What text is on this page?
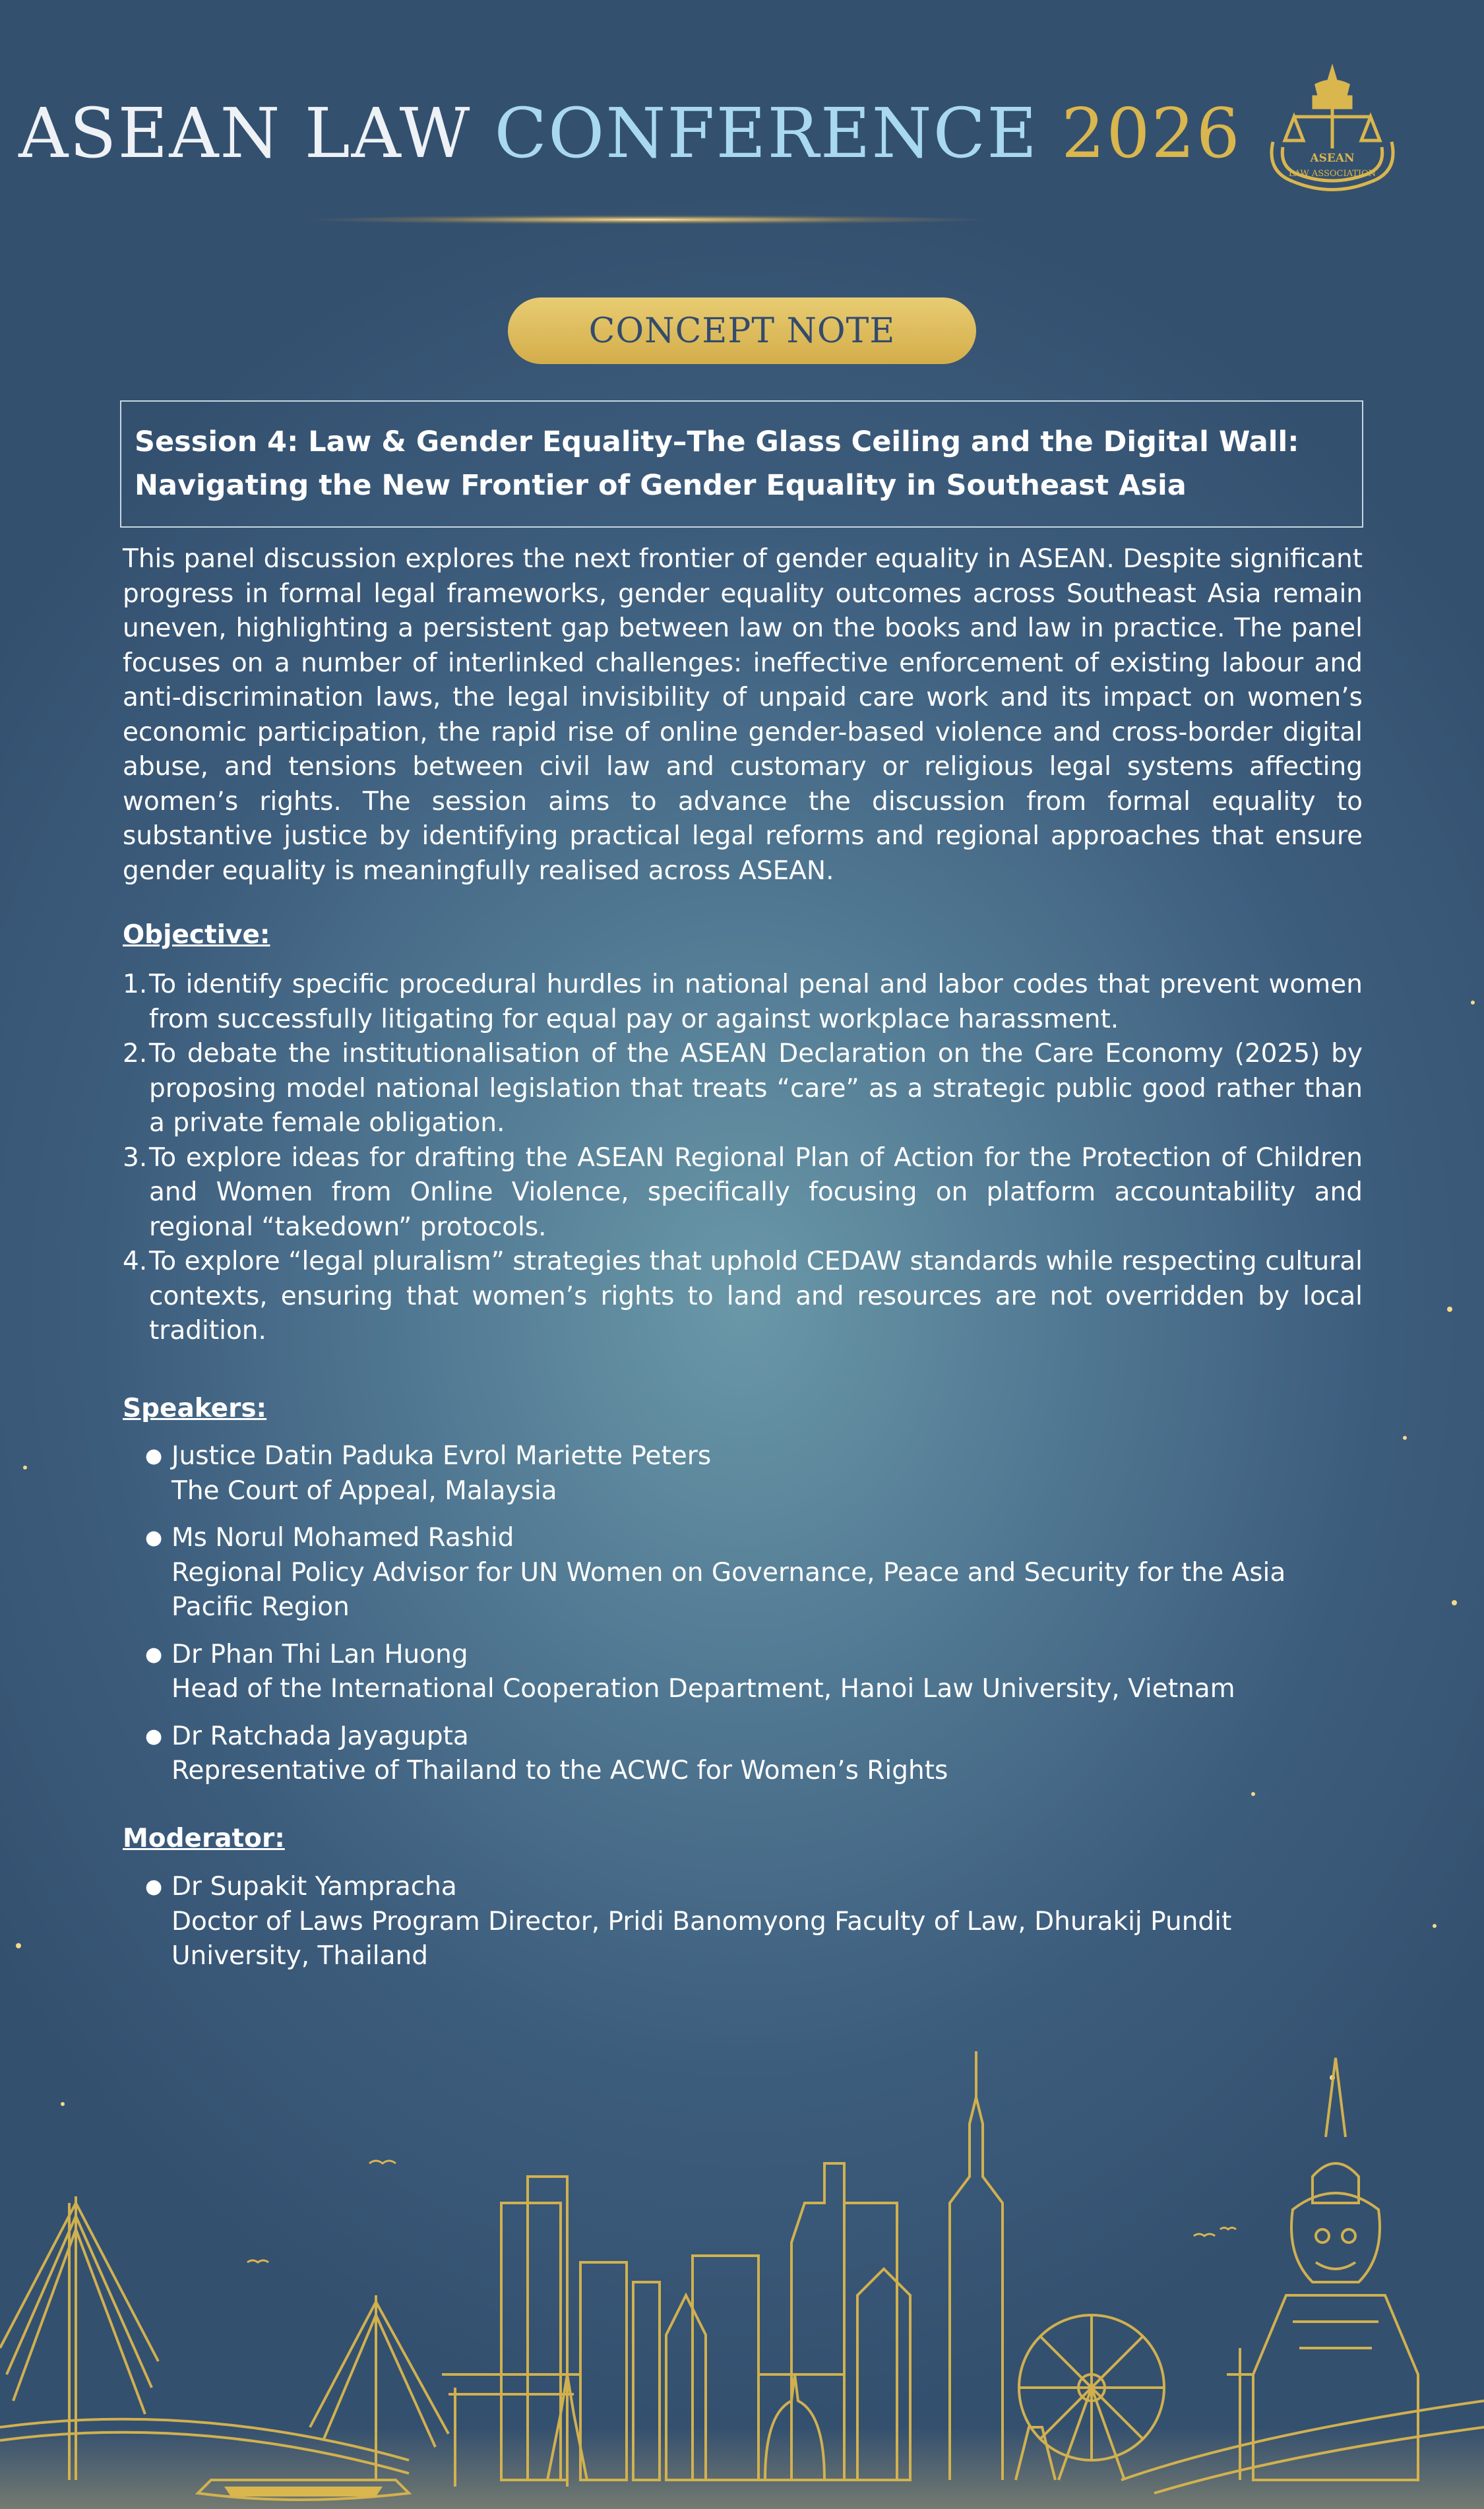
ASEAN LAW CONFERENCE 2026	ASEAN
LAW ASSOCIATION
CONCEPT NOTE
Session 4: Law & Gender Equality–The Glass Ceiling and the Digital Wall:
Navigating the New Frontier of Gender Equality in Southeast Asia
This panel discussion explores the next frontier of gender equality in ASEAN. Despite significant progress in formal legal frameworks, gender equality outcomes across Southeast Asia remain uneven, highlighting a persistent gap between law on the books and law in practice. The panel focuses on a number of interlinked challenges: ineffective enforcement of existing labour and anti-discrimination laws, the legal invisibility of unpaid care work and its impact on women’s economic participation, the rapid rise of online gender-based violence and cross-border digital abuse, and tensions between civil law and customary or religious legal systems affecting women’s rights. The session aims to advance the discussion from formal equality to substantive justice by identifying practical legal reforms and regional approaches that ensure gender equality is meaningfully realised across ASEAN.
Objective:
1. To identify specific procedural hurdles in national penal and labor codes that prevent women from successfully litigating for equal pay or against workplace harassment.
2. To debate the institutionalisation of the ASEAN Declaration on the Care Economy (2025) by proposing model national legislation that treats “care” as a strategic public good rather than a private female obligation.
3. To explore ideas for drafting the ASEAN Regional Plan of Action for the Protection of Children and Women from Online Violence, specifically focusing on platform accountability and regional “takedown” protocols.
4. To explore “legal pluralism” strategies that uphold CEDAW standards while respecting cultural contexts, ensuring that women’s rights to land and resources are not overridden by local tradition.
Speakers:
● Justice Datin Paduka Evrol Mariette Peters
The Court of Appeal, Malaysia
● Ms Norul Mohamed Rashid
Regional Policy Advisor for UN Women on Governance, Peace and Security for the Asia Pacific Region
● Dr Phan Thi Lan Huong
Head of the International Cooperation Department, Hanoi Law University, Vietnam
● Dr Ratchada Jayagupta
Representative of Thailand to the ACWC for Women’s Rights
Moderator:
● Dr Supakit Yampracha
Doctor of Laws Program Director, Pridi Banomyong Faculty of Law, Dhurakij Pundit University, Thailand
